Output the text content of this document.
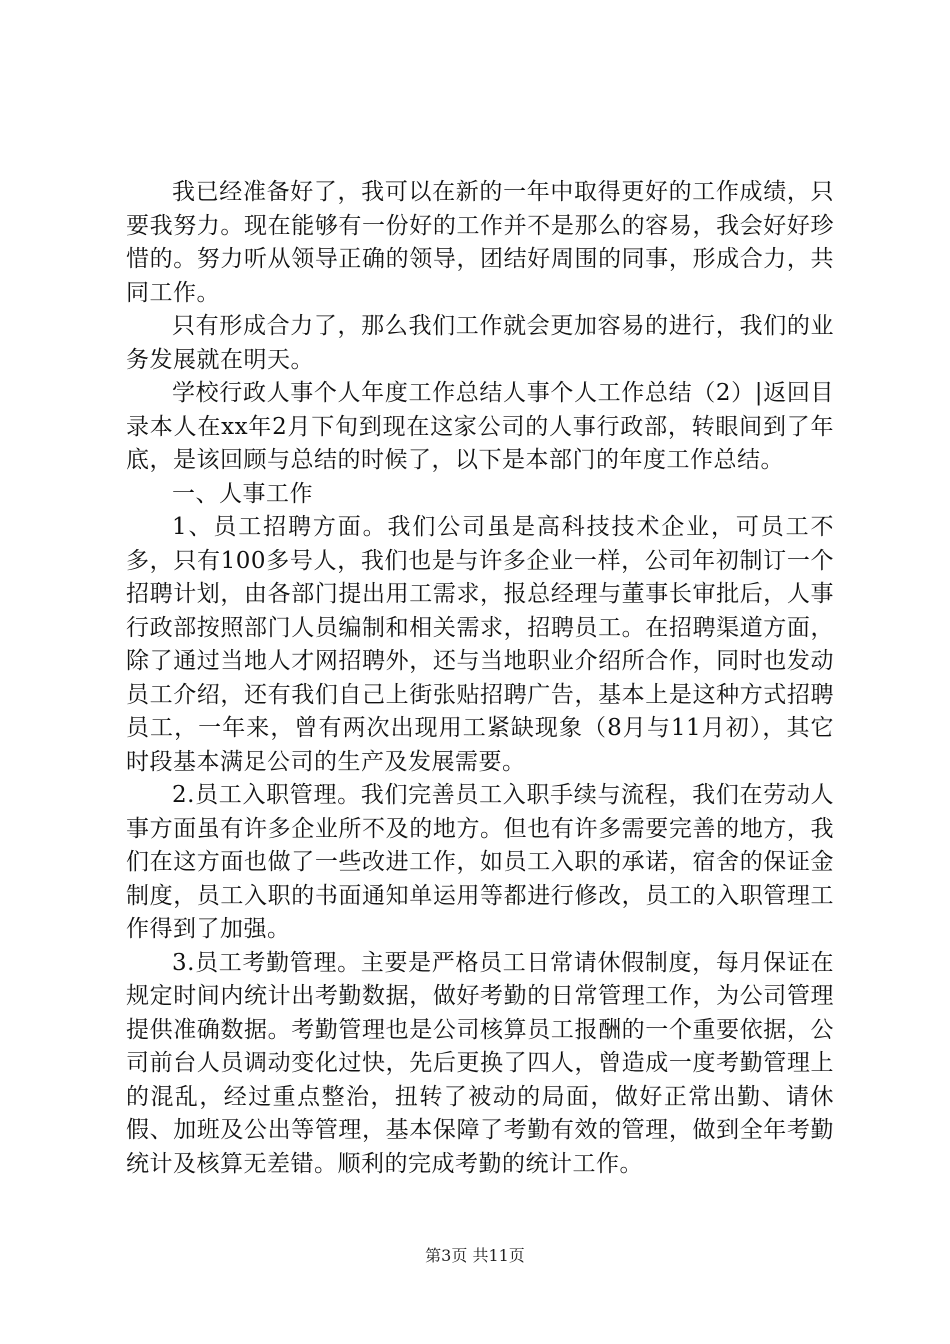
我已经准备好了，我可以在新的一年中取得更好的工作成绩，只要我努力。现在能够有一份好的工作并不是那么的容易，我会好好珍惜的。努力听从领导正确的领导，团结好周围的同事，形成合力，共同工作。

只有形成合力了，那么我们工作就会更加容易的进行，我们的业务发展就在明天。

学校行政人事个人年度工作总结人事个人工作总结（2）|返回目录本人在xx年2月下旬到现在这家公司的人事行政部，转眼间到了年底，是该回顾与总结的时候了，以下是本部门的年度工作总结。

一、人事工作

1、员工招聘方面。我们公司虽是高科技技术企业，可员工不多，只有100多号人，我们也是与许多企业一样，公司年初制订一个招聘计划，由各部门提出用工需求，报总经理与董事长审批后，人事行政部按照部门人员编制和相关需求，招聘员工。在招聘渠道方面，除了通过当地人才网招聘外，还与当地职业介绍所合作，同时也发动员工介绍，还有我们自己上街张贴招聘广告，基本上是这种方式招聘员工，一年来，曾有两次出现用工紧缺现象（8月与11月初），其它时段基本满足公司的生产及发展需要。

2.员工入职管理。我们完善员工入职手续与流程，我们在劳动人事方面虽有许多企业所不及的地方。但也有许多需要完善的地方，我们在这方面也做了一些改进工作，如员工入职的承诺，宿舍的保证金制度，员工入职的书面通知单运用等都进行修改，员工的入职管理工作得到了加强。

3.员工考勤管理。主要是严格员工日常请休假制度，每月保证在规定时间内统计出考勤数据，做好考勤的日常管理工作，为公司管理提供准确数据。考勤管理也是公司核算员工报酬的一个重要依据，公司前台人员调动变化过快，先后更换了四人，曾造成一度考勤管理上的混乱，经过重点整治，扭转了被动的局面，做好正常出勤、请休假、加班及公出等管理，基本保障了考勤有效的管理，做到全年考勤统计及核算无差错。顺利的完成考勤的统计工作。

第3页 共11页
